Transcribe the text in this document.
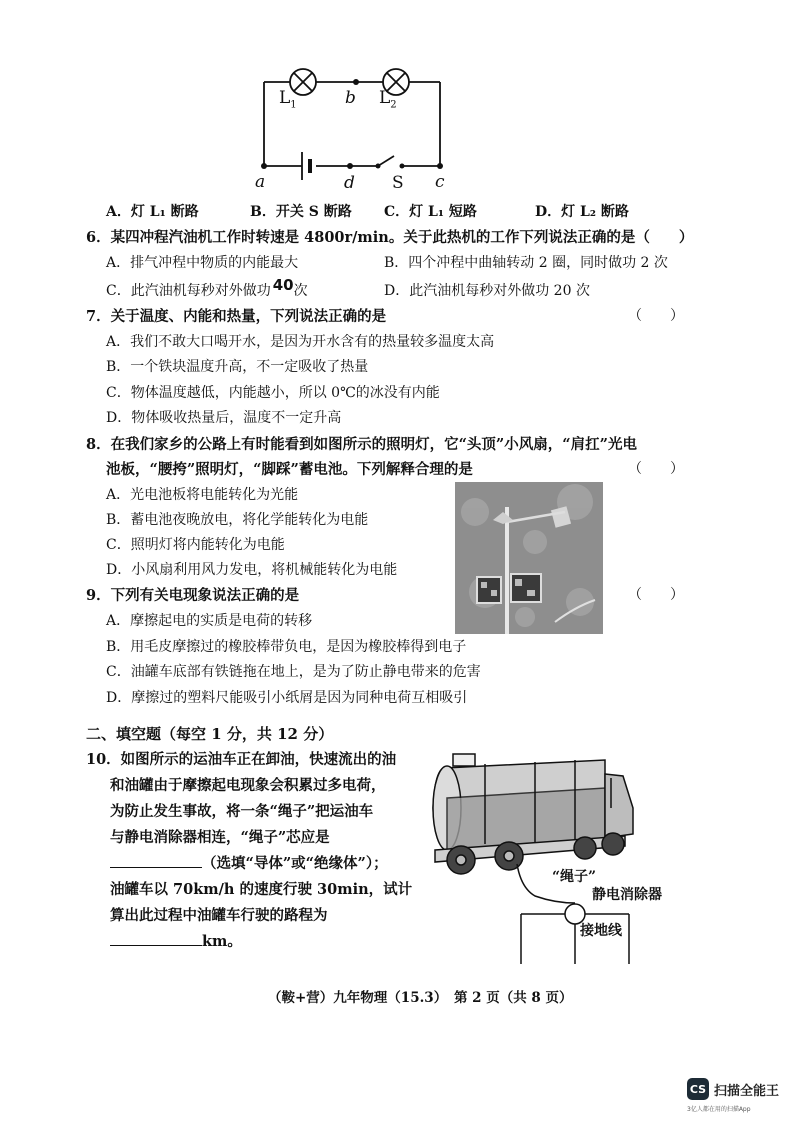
$L_1$	b $L_2$
a	d S c
A．灯 L₁ 断路	B．开关 S 断路 C．灯 L₁ 短路	D．灯 L₂ 断路
6．某四冲程汽油机工作时转速是 4800r/min。关于此热机的工作下列说法正确的是（　　）
A．排气冲程中物质的内能最大	B．四个冲程中曲轴转动 2 圈，同时做功 2 次
C．此汽油机每秒对外做功 40次	D．此汽油机每秒对外做功 20 次
7．关于温度、内能和热量，下列说法正确的是	（　　）
A．我们不敢大口喝开水，是因为开水含有的热量较多温度太高
B．一个铁块温度升高，不一定吸收了热量
C．物体温度越低，内能越小，所以 0℃的冰没有内能
D．物体吸收热量后，温度不一定升高
8．在我们家乡的公路上有时能看到如图所示的照明灯，它“头顶”小风扇，“肩扛”光电
池板，“腰挎”照明灯，“脚踩”蓄电池。下列解释合理的是	（　　）
A．光电池板将电能转化为光能
B．蓄电池夜晚放电，将化学能转化为电能
C．照明灯将内能转化为电能
D．小风扇利用风力发电，将机械能转化为电能
9．下列有关电现象说法正确的是	（　　）
A．摩擦起电的实质是电荷的转移
B．用毛皮摩擦过的橡胶棒带负电，是因为橡胶棒得到电子
C．油罐车底部有铁链拖在地上，是为了防止静电带来的危害
D．摩擦过的塑料尺能吸引小纸屑是因为同种电荷互相吸引
二、填空题（每空 1 分，共 12 分）
10．如图所示的运油车正在卸油，快速流出的油
和油罐由于摩擦起电现象会积累过多电荷，
为防止发生事故，将一条“绳子”把运油车
与静电消除器相连，“绳子”芯应是
（选填“导体”或“绝缘体”）；
油罐车以 70km/h 的速度行驶 30min，试计
算出此过程中油罐车行驶的路程为
km。
“绳子”
静电消除器
接地线
（鞍+营）九年物理（15.3）　第 2 页（共 8 页）
CS 扫描全能王
3亿人都在用的扫描App
